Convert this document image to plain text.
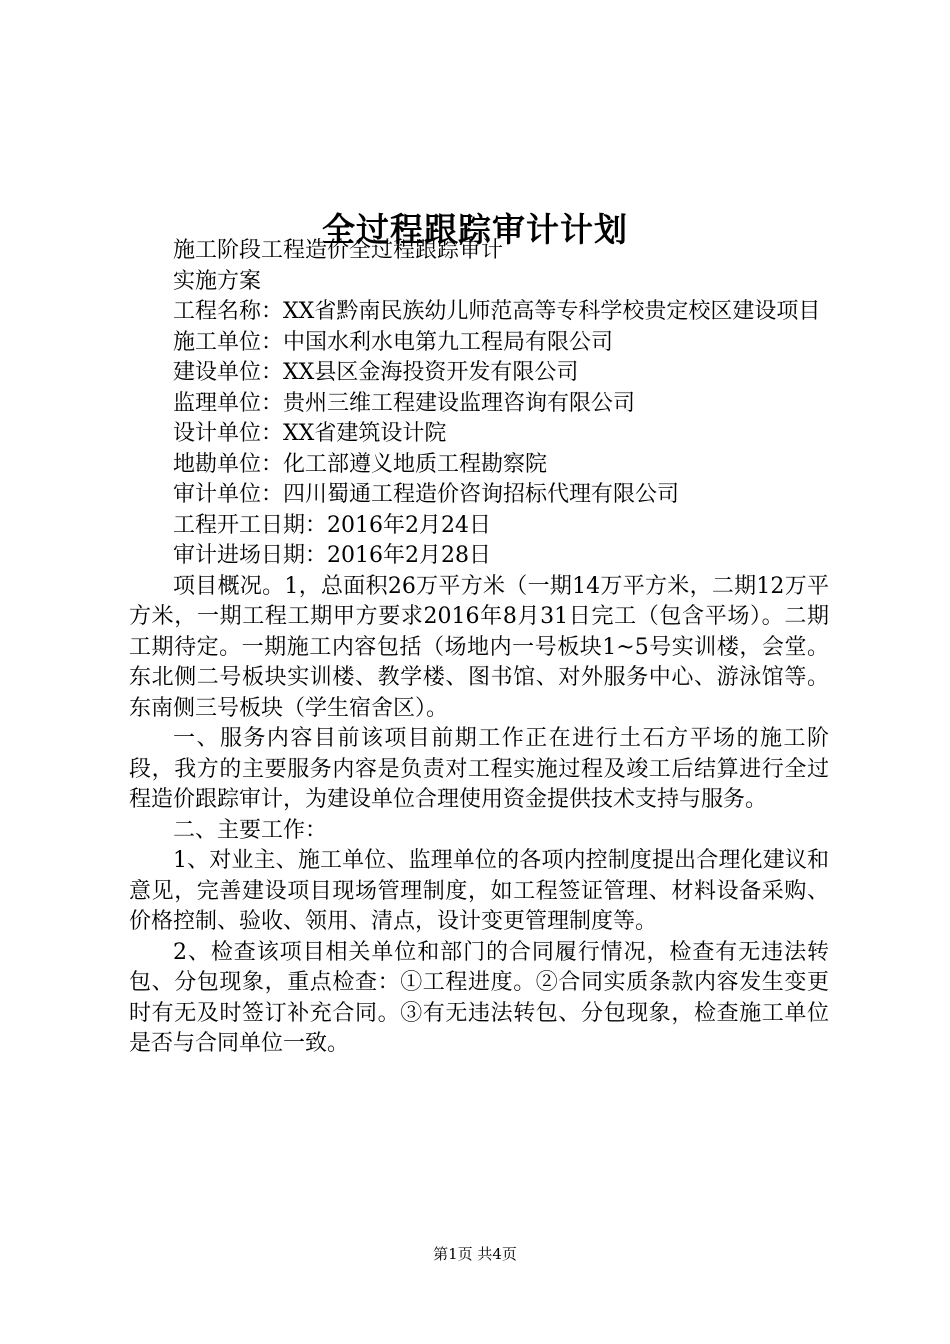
全过程跟踪审计计划

施工阶段工程造价全过程跟踪审计

实施方案

工程名称：XX省黔南民族幼儿师范高等专科学校贵定校区建设项目

施工单位：中国水利水电第九工程局有限公司

建设单位：XX县区金海投资开发有限公司

监理单位：贵州三维工程建设监理咨询有限公司

设计单位：XX省建筑设计院

地勘单位：化工部遵义地质工程勘察院

审计单位：四川蜀通工程造价咨询招标代理有限公司

工程开工日期：2016年2月24日

审计进场日期：2016年2月28日

项目概况。1，总面积26万平方米（一期14万平方米，二期12万平方米，一期工程工期甲方要求2016年8月31日完工（包含平场）。二期工期待定。一期施工内容包括（场地内一号板块1~5号实训楼，会堂。东北侧二号板块实训楼、教学楼、图书馆、对外服务中心、游泳馆等。东南侧三号板块（学生宿舍区）。

一、服务内容目前该项目前期工作正在进行土石方平场的施工阶段，我方的主要服务内容是负责对工程实施过程及竣工后结算进行全过程造价跟踪审计，为建设单位合理使用资金提供技术支持与服务。

二、主要工作：

1、对业主、施工单位、监理单位的各项内控制度提出合理化建议和意见，完善建设项目现场管理制度，如工程签证管理、材料设备采购、价格控制、验收、领用、清点，设计变更管理制度等。

2、检查该项目相关单位和部门的合同履行情况，检查有无违法转包、分包现象，重点检查：①工程进度。②合同实质条款内容发生变更时有无及时签订补充合同。③有无违法转包、分包现象，检查施工单位是否与合同单位一致。

第1页 共4页
